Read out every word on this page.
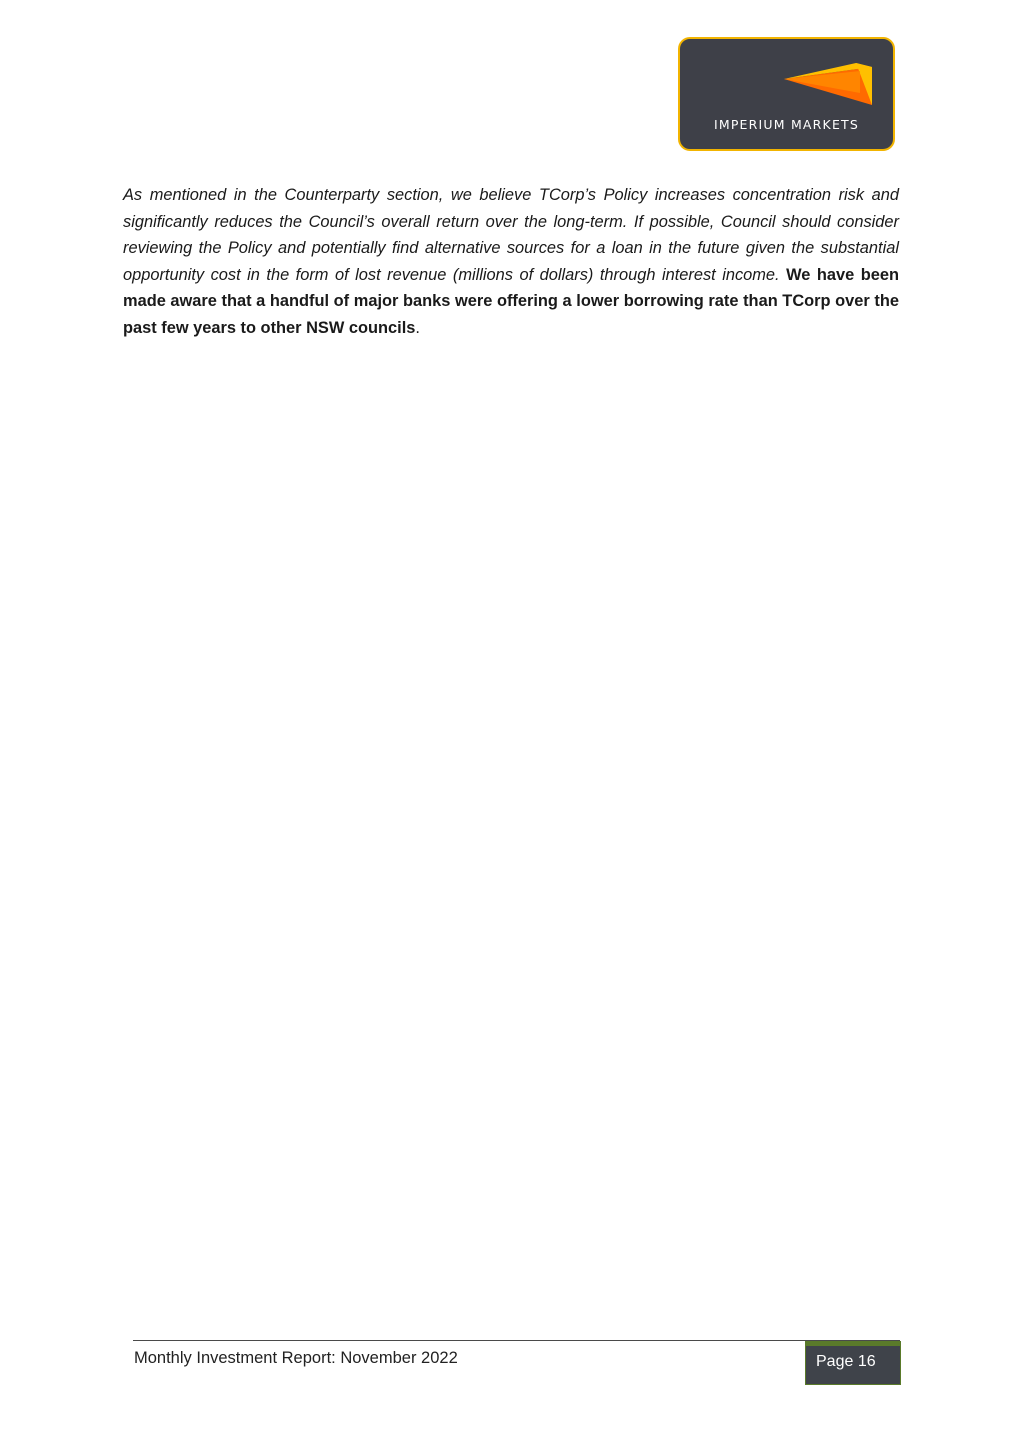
IMPERIUM MARKETS
As mentioned in the Counterparty section, we believe TCorp’s Policy increases concentration risk and significantly reduces the Council’s overall return over the long-term. If possible, Council should consider reviewing the Policy and potentially find alternative sources for a loan in the future given the substantial opportunity cost in the form of lost revenue (millions of dollars) through interest income. We have been made aware that a handful of major banks were offering a lower borrowing rate than TCorp over the past few years to other NSW councils.
Monthly Investment Report: November 2022	Page 16
